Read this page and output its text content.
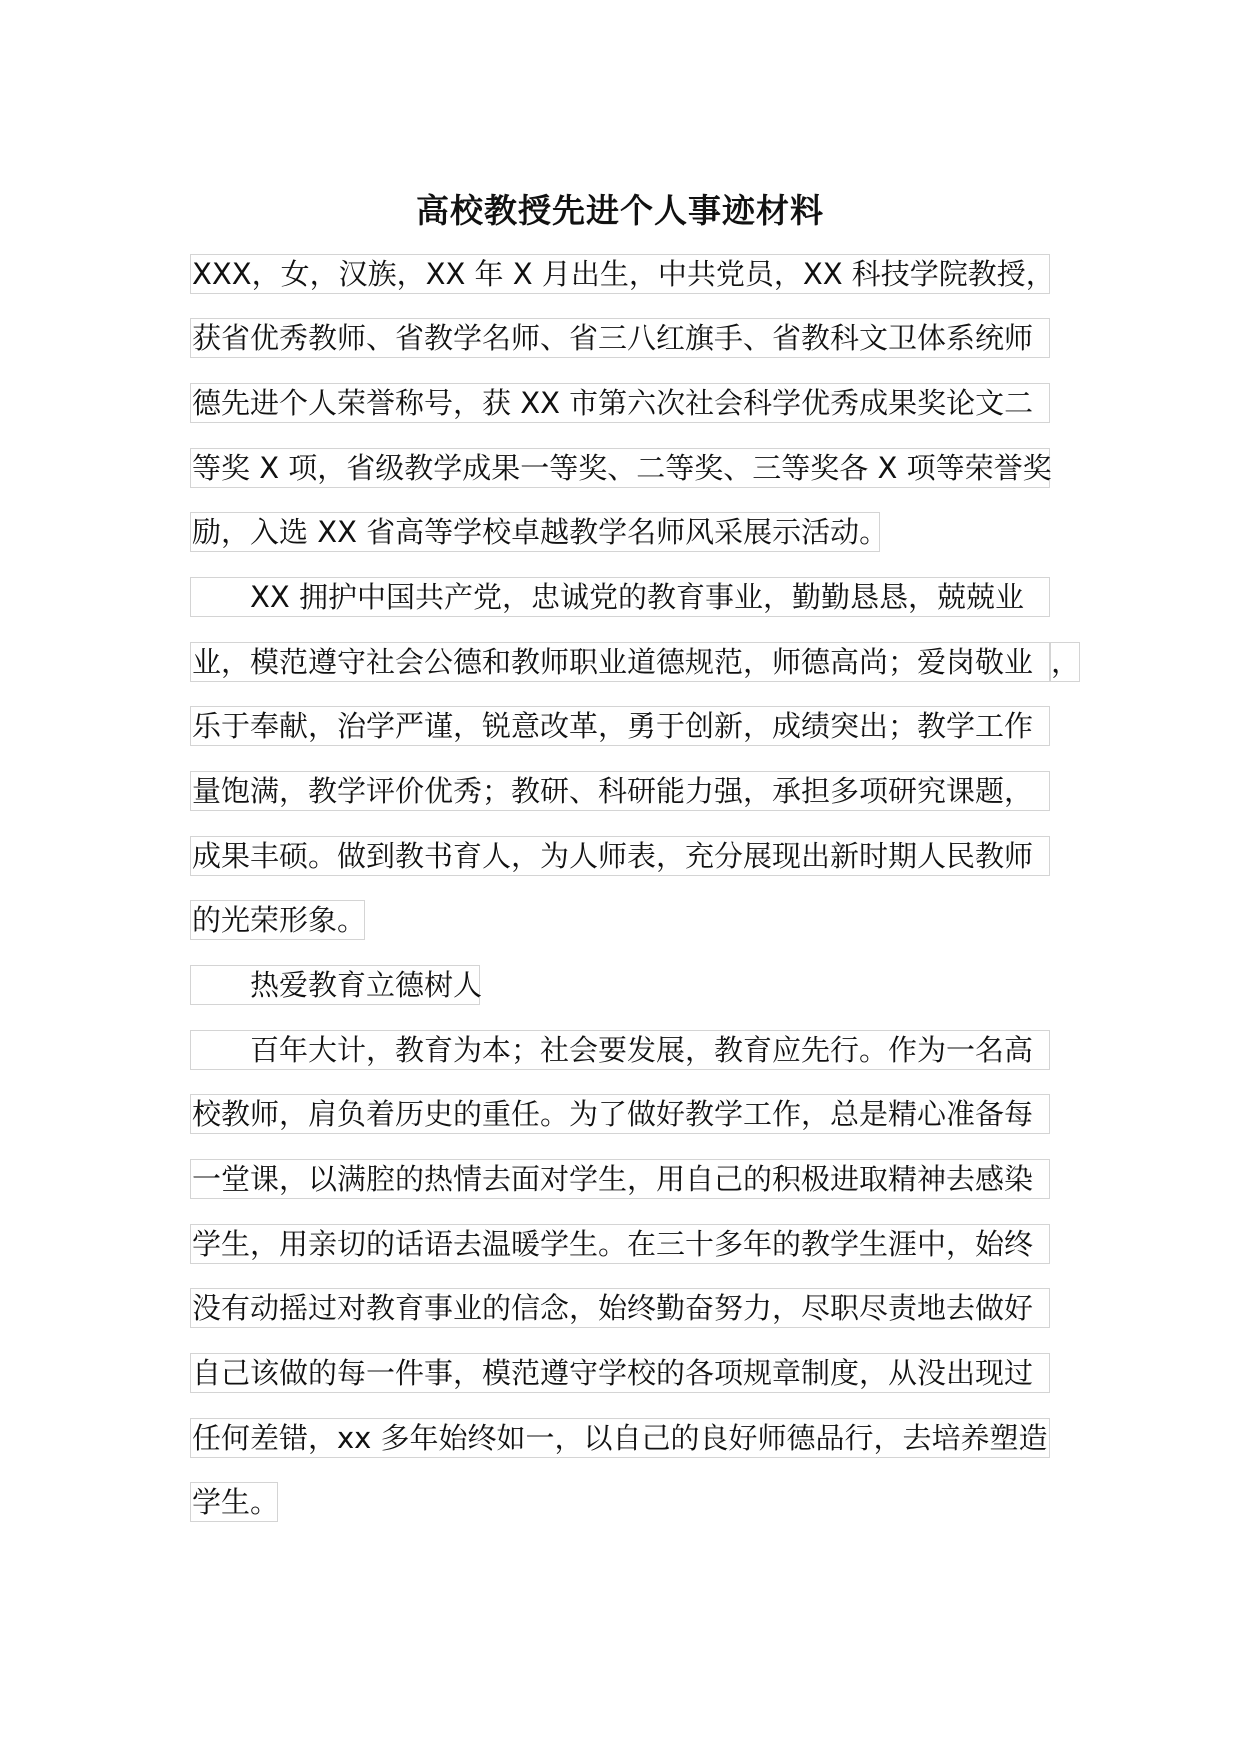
高校教授先进个人事迹材料
XXX，女，汉族，XX 年 X 月出生，中共党员，XX 科技学院教授，
获省优秀教师、省教学名师、省三八红旗手、省教科文卫体系统师
德先进个人荣誉称号，获 XX 市第六次社会科学优秀成果奖论文二
等奖 X 项，省级教学成果一等奖、二等奖、三等奖各 X 项等荣誉奖
励，入选 XX 省高等学校卓越教学名师风采展示活动。
XX 拥护中国共产党，忠诚党的教育事业，勤勤恳恳，兢兢业
业，模范遵守社会公德和教师职业道德规范，师德高尚；爱岗敬业 ，
乐于奉献，治学严谨，锐意改革，勇于创新，成绩突出；教学工作
量饱满，教学评价优秀；教研、科研能力强，承担多项研究课题，
成果丰硕。做到教书育人，为人师表，充分展现出新时期人民教师
的光荣形象。
热爱教育立德树人
百年大计，教育为本；社会要发展，教育应先行。作为一名高
校教师，肩负着历史的重任。为了做好教学工作，总是精心准备每
一堂课，以满腔的热情去面对学生，用自己的积极进取精神去感染
学生，用亲切的话语去温暖学生。在三十多年的教学生涯中，始终
没有动摇过对教育事业的信念，始终勤奋努力，尽职尽责地去做好
自己该做的每一件事，模范遵守学校的各项规章制度，从没出现过
任何差错，xx 多年始终如一，以自己的良好师德品行，去培养塑造
学生。
